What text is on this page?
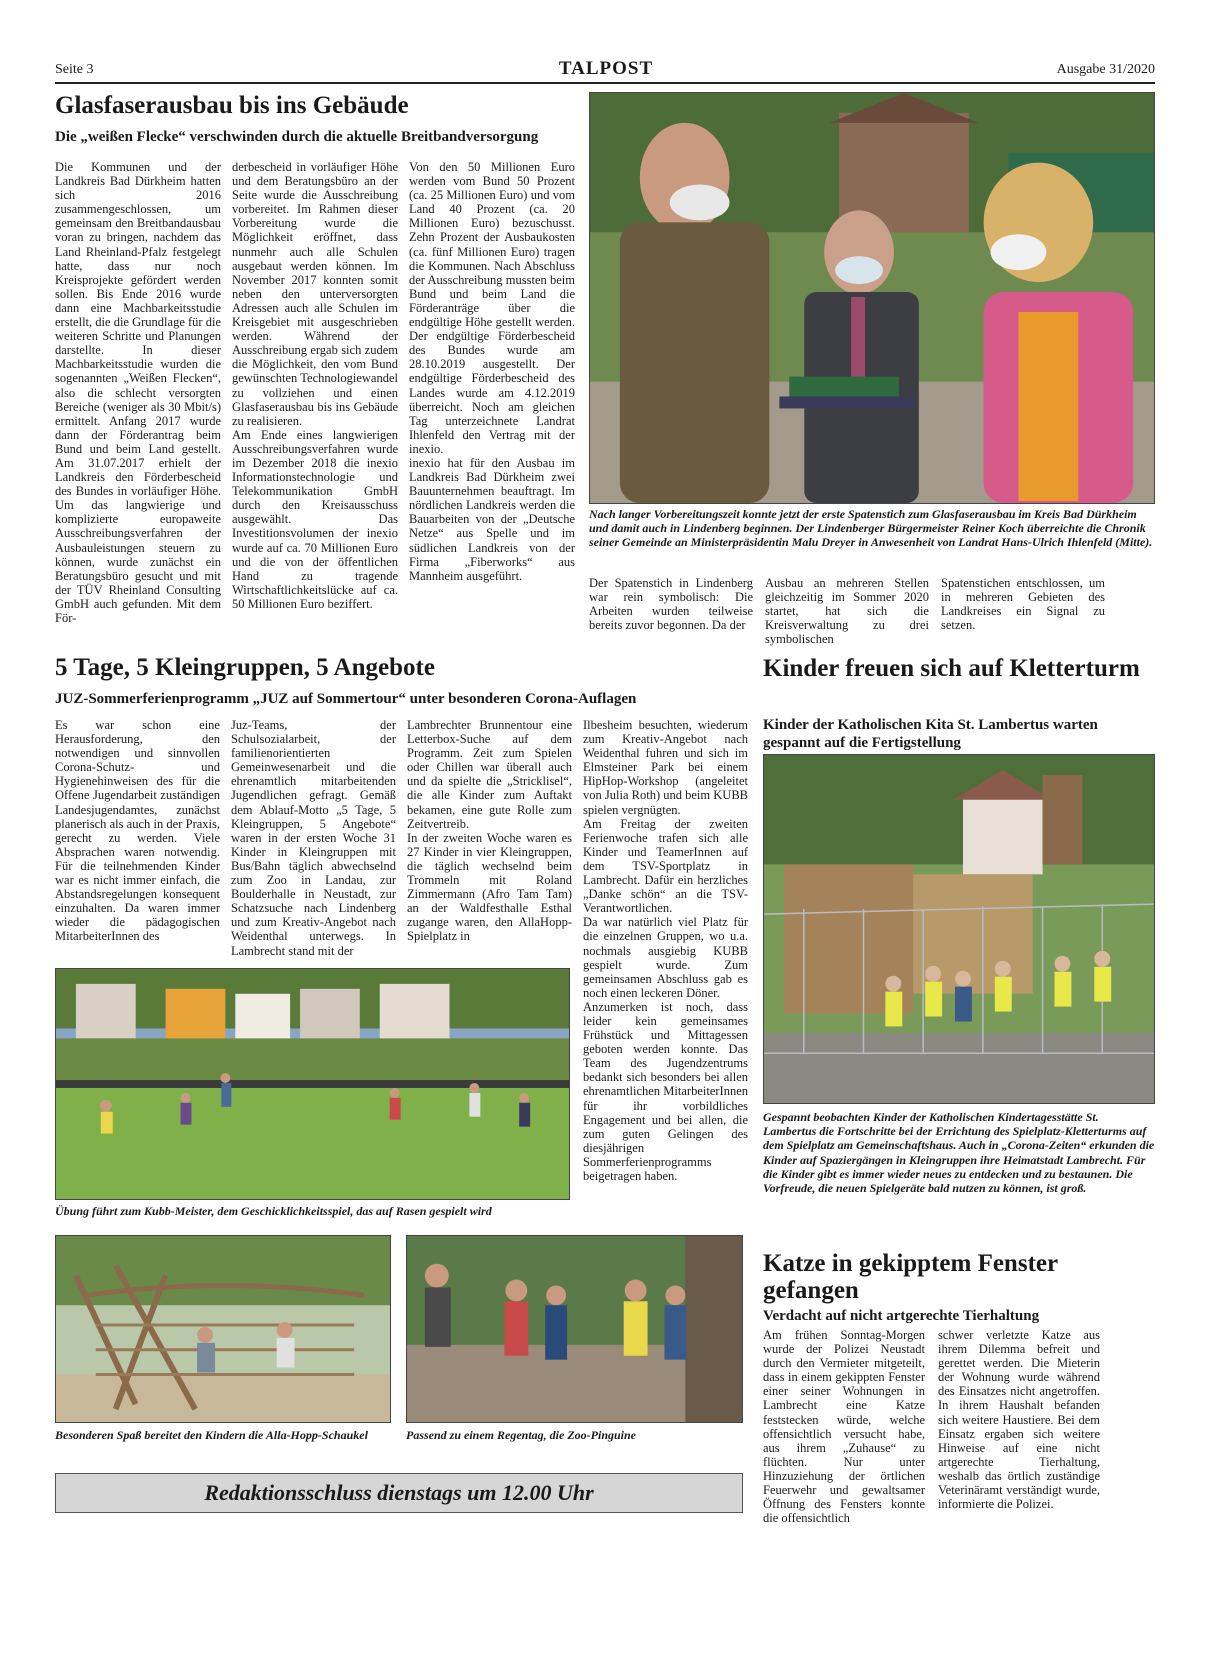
Seite 3	TALPOST	Ausgabe 31/2020
Glasfaserausbau bis ins Gebäude
Die „weißen Flecke“ verschwinden durch die aktuelle Breitbandversorgung

Die Kommunen und der Landkreis Bad Dürkheim hatten sich 2016 zusammengeschlossen, um gemeinsam den Breitbandausbau voran zu bringen, nachdem das Land Rheinland-Pfalz festgelegt hatte, dass nur noch Kreisprojekte gefördert werden sollen. Bis Ende 2016 wurde dann eine Machbarkeitsstudie erstellt, die die Grundlage für die weiteren Schritte und Planungen darstellte. In dieser Machbarkeitsstudie wurden die sogenannten „Weißen Flecken“, also die schlecht versorgten Bereiche (weniger als 30 Mbit/s) ermittelt. Anfang 2017 wurde dann der Förderantrag beim Bund und beim Land gestellt. Am 31.07.2017 erhielt der Landkreis den Förderbescheid des Bundes in vorläufiger Höhe. Um das langwierige und komplizierte europaweite Ausschreibungsverfahren der Ausbauleistungen steuern zu können, wurde zunächst ein Beratungsbüro gesucht und mit der TÜV Rheinland Consulting GmbH auch gefunden. Mit dem För-

derbescheid in vorläufiger Höhe und dem Beratungsbüro an der Seite wurde die Ausschreibung vorbereitet. Im Rahmen dieser Vorbereitung wurde die Möglichkeit eröffnet, dass nunmehr auch alle Schulen ausgebaut werden können. Im November 2017 konnten somit neben den unterversorgten Adressen auch alle Schulen im Kreisgebiet mit ausgeschrieben werden. Während der Ausschreibung ergab sich zudem die Möglichkeit, den vom Bund gewünschten Technologiewandel zu vollziehen und einen Glasfaserausbau bis ins Gebäude zu realisieren.

Am Ende eines langwierigen Ausschreibungsverfahren wurde im Dezember 2018 die inexio Informationstechnologie und Telekommunikation GmbH durch den Kreisausschuss ausgewählt. Das Investitionsvolumen der inexio wurde auf ca. 70 Millionen Euro und die von der öffentlichen Hand zu tragende Wirtschaftlichkeitslücke auf ca. 50 Millionen Euro beziffert.

Von den 50 Millionen Euro werden vom Bund 50 Prozent (ca. 25 Millionen Euro) und vom Land 40 Prozent (ca. 20 Millionen Euro) bezuschusst. Zehn Prozent der Ausbaukosten (ca. fünf Millionen Euro) tragen die Kommunen. Nach Abschluss der Ausschreibung mussten beim Bund und beim Land die Förderanträge über die endgültige Höhe gestellt werden. Der endgültige Förderbescheid des Bundes wurde am 28.10.2019 ausgestellt. Der endgültige Förderbescheid des Landes wurde am 4.12.2019 überreicht. Noch am gleichen Tag unterzeichnete Landrat Ihlenfeld den Vertrag mit der inexio.

inexio hat für den Ausbau im Landkreis Bad Dürkheim zwei Bauunternehmen beauftragt. Im nördlichen Landkreis werden die Bauarbeiten von der „Deutsche Netze“ aus Spelle und im südlichen Landkreis von der Firma „Fiberworks“ aus Mannheim ausgeführt.

Nach langer Vorbereitungszeit konnte jetzt der erste Spatenstich zum Glasfaserausbau im Kreis Bad Dürkheim und damit auch in Lindenberg beginnen. Der Lindenberger Bürgermeister Reiner Koch überreichte die Chronik seiner Gemeinde an Ministerpräsidentin Malu Dreyer in Anwesenheit von Landrat Hans-Ulrich Ihlenfeld (Mitte).

Der Spatenstich in Lindenberg war rein symbolisch: Die Arbeiten wurden teilweise bereits zuvor begonnen. Da der

Ausbau an mehreren Stellen gleichzeitig im Sommer 2020 startet, hat sich die Kreisverwaltung zu drei symbolischen

Spatenstichen entschlossen, um in mehreren Gebieten des Landkreises ein Signal zu setzen.

5 Tage, 5 Kleingruppen, 5 Angebote
JUZ-Sommerferienprogramm „JUZ auf Sommertour“ unter besonderen Corona-Auflagen

Es war schon eine Herausforderung, den notwendigen und sinnvollen Corona-Schutz- und Hygienehinweisen des für die Offene Jugendarbeit zuständigen Landesjugendamtes, zunächst planerisch als auch in der Praxis, gerecht zu werden. Viele Absprachen waren notwendig. Für die teilnehmenden Kinder war es nicht immer einfach, die Abstandsregelungen konsequent einzuhalten. Da waren immer wieder die pädagogischen MitarbeiterInnen des

Juz-Teams, der Schulsozialarbeit, der familienorientierten Gemeinwesenarbeit und die ehrenamtlich mitarbeitenden Jugendlichen gefragt. Gemäß dem Ablauf-Motto „5 Tage, 5 Kleingruppen, 5 Angebote“ waren in der ersten Woche 31 Kinder in Kleingruppen mit Bus/Bahn täglich abwechselnd zum Zoo in Landau, zur Boulderhalle in Neustadt, zur Schatzsuche nach Lindenberg und zum Kreativ-Angebot nach Weidenthal unterwegs. In Lambrecht stand mit der

Lambrechter Brunnentour eine Letterbox-Suche auf dem Programm. Zeit zum Spielen oder Chillen war überall auch und da spielte die „Stricklisel“, die alle Kinder zum Auftakt bekamen, eine gute Rolle zum Zeitvertreib.

In der zweiten Woche waren es 27 Kinder in vier Kleingruppen, die täglich wechselnd beim Trommeln mit Roland Zimmermann (Afro Tam Tam) an der Waldfesthalle Esthal zugange waren, den AllaHopp-Spielplatz in

Ilbesheim besuchten, wiederum zum Kreativ-Angebot nach Weidenthal fuhren und sich im Elmsteiner Park bei einem HipHop-Workshop (angeleitet von Julia Roth) und beim KUBB spielen vergnügten.

Am Freitag der zweiten Ferienwoche trafen sich alle Kinder und TeamerInnen auf dem TSV-Sportplatz in Lambrecht. Dafür ein herzliches „Danke schön“ an die TSV-Verantwortlichen.

Da war natürlich viel Platz für die einzelnen Gruppen, wo u.a. nochmals ausgiebig KUBB gespielt wurde. Zum gemeinsamen Abschluss gab es noch einen leckeren Döner.

Anzumerken ist noch, dass leider kein gemeinsames Frühstück und Mittagessen geboten werden konnte. Das Team des Jugendzentrums bedankt sich besonders bei allen ehrenamtlichen MitarbeiterInnen für ihr vorbildliches Engagement und bei allen, die zum guten Gelingen des diesjährigen Sommerferienprogramms beigetragen haben.

Übung führt zum Kubb-Meister, dem Geschicklichkeitsspiel, das auf Rasen gespielt wird
Besonderen Spaß bereitet den Kindern die Alla-Hopp-Schaukel	Passend zu einem Regentag, die Zoo-Pinguine
Redaktionsschluss dienstags um 12.00 Uhr
Kinder freuen sich auf Kletterturm
Kinder der Katholischen Kita St. Lambertus warten gespannt auf die Fertigstellung
Gespannt beobachten Kinder der Katholischen Kindertagesstätte St. Lambertus die Fortschritte bei der Errichtung des Spielplatz-Kletterturms auf dem Spielplatz am Gemeinschaftshaus. Auch in „Corona-Zeiten“ erkunden die Kinder auf Spaziergängen in Kleingruppen ihre Heimatstadt Lambrecht. Für die Kinder gibt es immer wieder neues zu entdecken und zu bestaunen. Die Vorfreude, die neuen Spielgeräte bald nutzen zu können, ist groß.
Katze in gekipptem Fenster gefangen
Verdacht auf nicht artgerechte Tierhaltung

Am frühen Sonntag-Morgen wurde der Polizei Neustadt durch den Vermieter mitgeteilt, dass in einem gekippten Fenster einer seiner Wohnungen in Lambrecht eine Katze feststecken würde, welche offensichtlich versucht habe, aus ihrem „Zuhause“ zu flüchten. Nur unter Hinzuziehung der örtlichen Feuerwehr und gewaltsamer Öffnung des Fensters konnte die offensichtlich

schwer verletzte Katze aus ihrem Dilemma befreit und gerettet werden. Die Mieterin der Wohnung wurde während des Einsatzes nicht angetroffen. In ihrem Haushalt befanden sich weitere Haustiere. Bei dem Einsatz ergaben sich weitere Hinweise auf eine nicht artgerechte Tierhaltung, weshalb das örtlich zuständige Veterinäramt verständigt wurde, informierte die Polizei.
